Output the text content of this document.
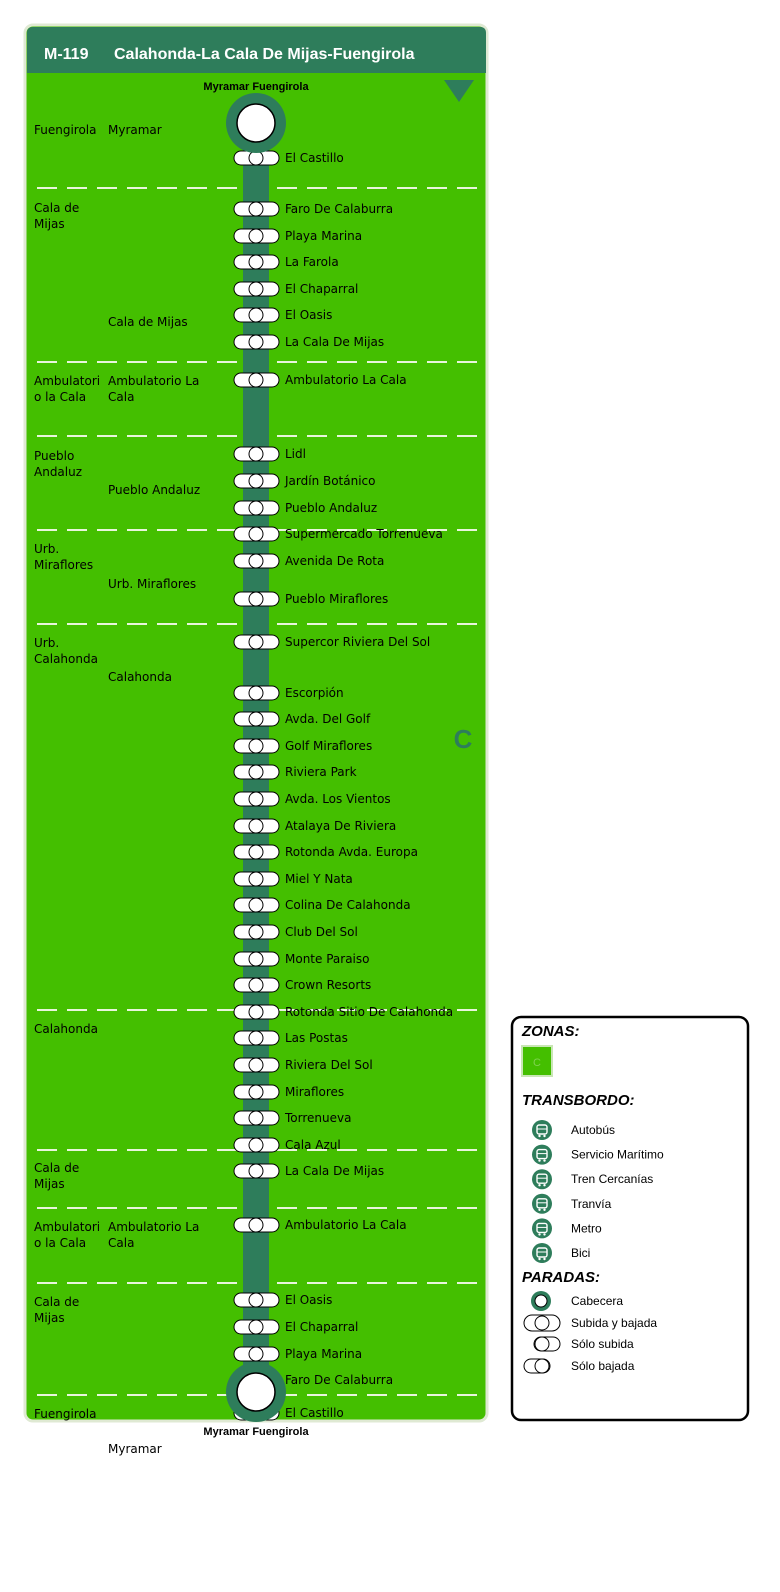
M-119 Calahonda-La Cala De Mijas-Fuengirola
Myramar Fuengirola
Myramar Fuengirola
Fuengirola Myramar
Cala de
Mijas
Cala de Mijas
Ambulatori
o la Cala
Ambulatorio La
Cala
Pueblo
Andaluz
Pueblo Andaluz
Urb.
Miraflores
Urb. Miraflores
Urb.
Calahonda
Calahonda
Calahonda
Cala de
Mijas
Ambulatori
o la Cala
Ambulatorio La
Cala
Cala de
Mijas
Fuengirola
Myramar
El Castillo
Faro De Calaburra
Playa Marina
La Farola
El Chaparral
El Oasis
La Cala De Mijas
Ambulatorio La Cala
Lidl
Jardín Botánico
Pueblo Andaluz
Supermercado Torrenueva
Avenida De Rota
Pueblo Miraflores
Supercor Riviera Del Sol
Escorpión
Avda. Del Golf
Golf Miraflores
Riviera Park
Avda. Los Vientos
Atalaya De Riviera
Rotonda Avda. Europa
Miel Y Nata
Colina De Calahonda
Club Del Sol
Monte Paraiso
Crown Resorts
Rotonda Sitio De Calahonda
Las Postas
Riviera Del Sol
Miraflores
Torrenueva
Cala Azul
La Cala De Mijas
Ambulatorio La Cala
El Oasis
El Chaparral
Playa Marina
Faro De Calaburra
El Castillo
C
ZONAS:
C
TRANSBORDO:
Autobús
Servicio Marítimo
Tren Cercanías
Tranvía
Metro
Bici
PARADAS:
Cabecera
Subida y bajada
Sólo subida
Sólo bajada
